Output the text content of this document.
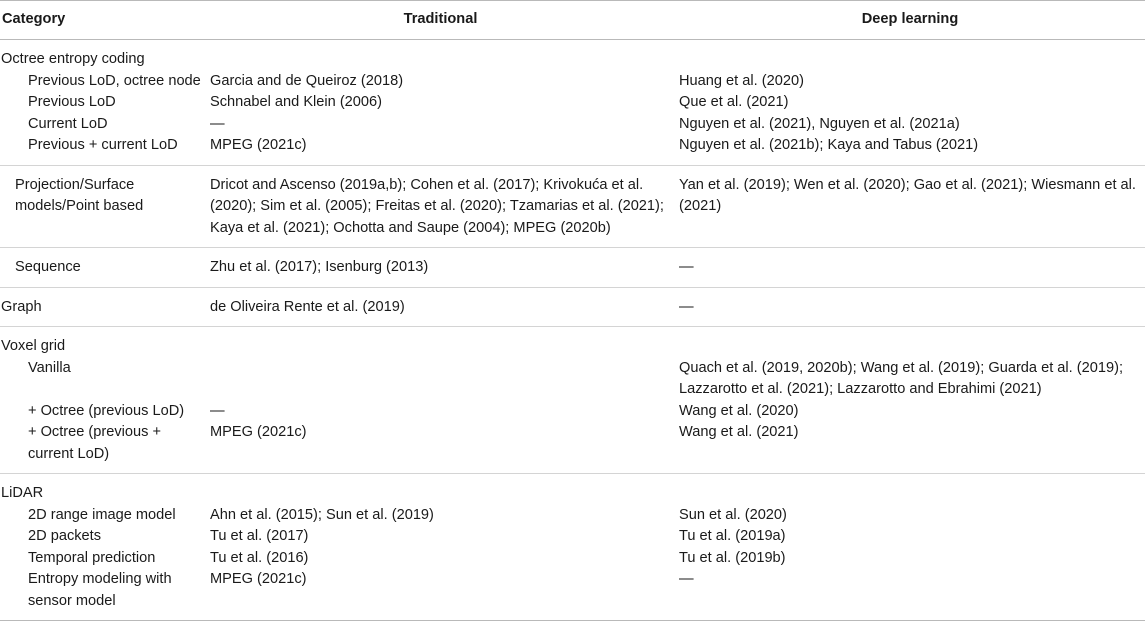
Category	Traditional	Deep learning
Octree entropy coding		
Previous LoD, octree node	Garcia and de Queiroz (2018)	Huang et al. (2020)
Previous LoD	Schnabel and Klein (2006)	Que et al. (2021)
Current LoD	—	Nguyen et al. (2021), Nguyen et al. (2021a)
Previous + current LoD	MPEG (2021c)	Nguyen et al. (2021b); Kaya and Tabus (2021)
Projection/Surface models/Point based	Dricot and Ascenso (2019a,b); Cohen et al. (2017); Krivokuća et al. (2020); Sim et al. (2005); Freitas et al. (2020); Tzamarias et al. (2021); Kaya et al. (2021); Ochotta and Saupe (2004); MPEG (2020b)	Yan et al. (2019); Wen et al. (2020); Gao et al. (2021); Wiesmann et al. (2021)
Sequence	Zhu et al. (2017); Isenburg (2013)	—
Graph	de Oliveira Rente et al. (2019)	—
Voxel grid		
Vanilla		Quach et al. (2019, 2020b); Wang et al. (2019); Guarda et al. (2019); Lazzarotto et al. (2021); Lazzarotto and Ebrahimi (2021)
+ Octree (previous LoD)	—	Wang et al. (2020)
+ Octree (previous + current LoD)	MPEG (2021c)	Wang et al. (2021)
LiDAR		
2D range image model	Ahn et al. (2015); Sun et al. (2019)	Sun et al. (2020)
2D packets	Tu et al. (2017)	Tu et al. (2019a)
Temporal prediction	Tu et al. (2016)	Tu et al. (2019b)
Entropy modeling with sensor model	MPEG (2021c)	—
